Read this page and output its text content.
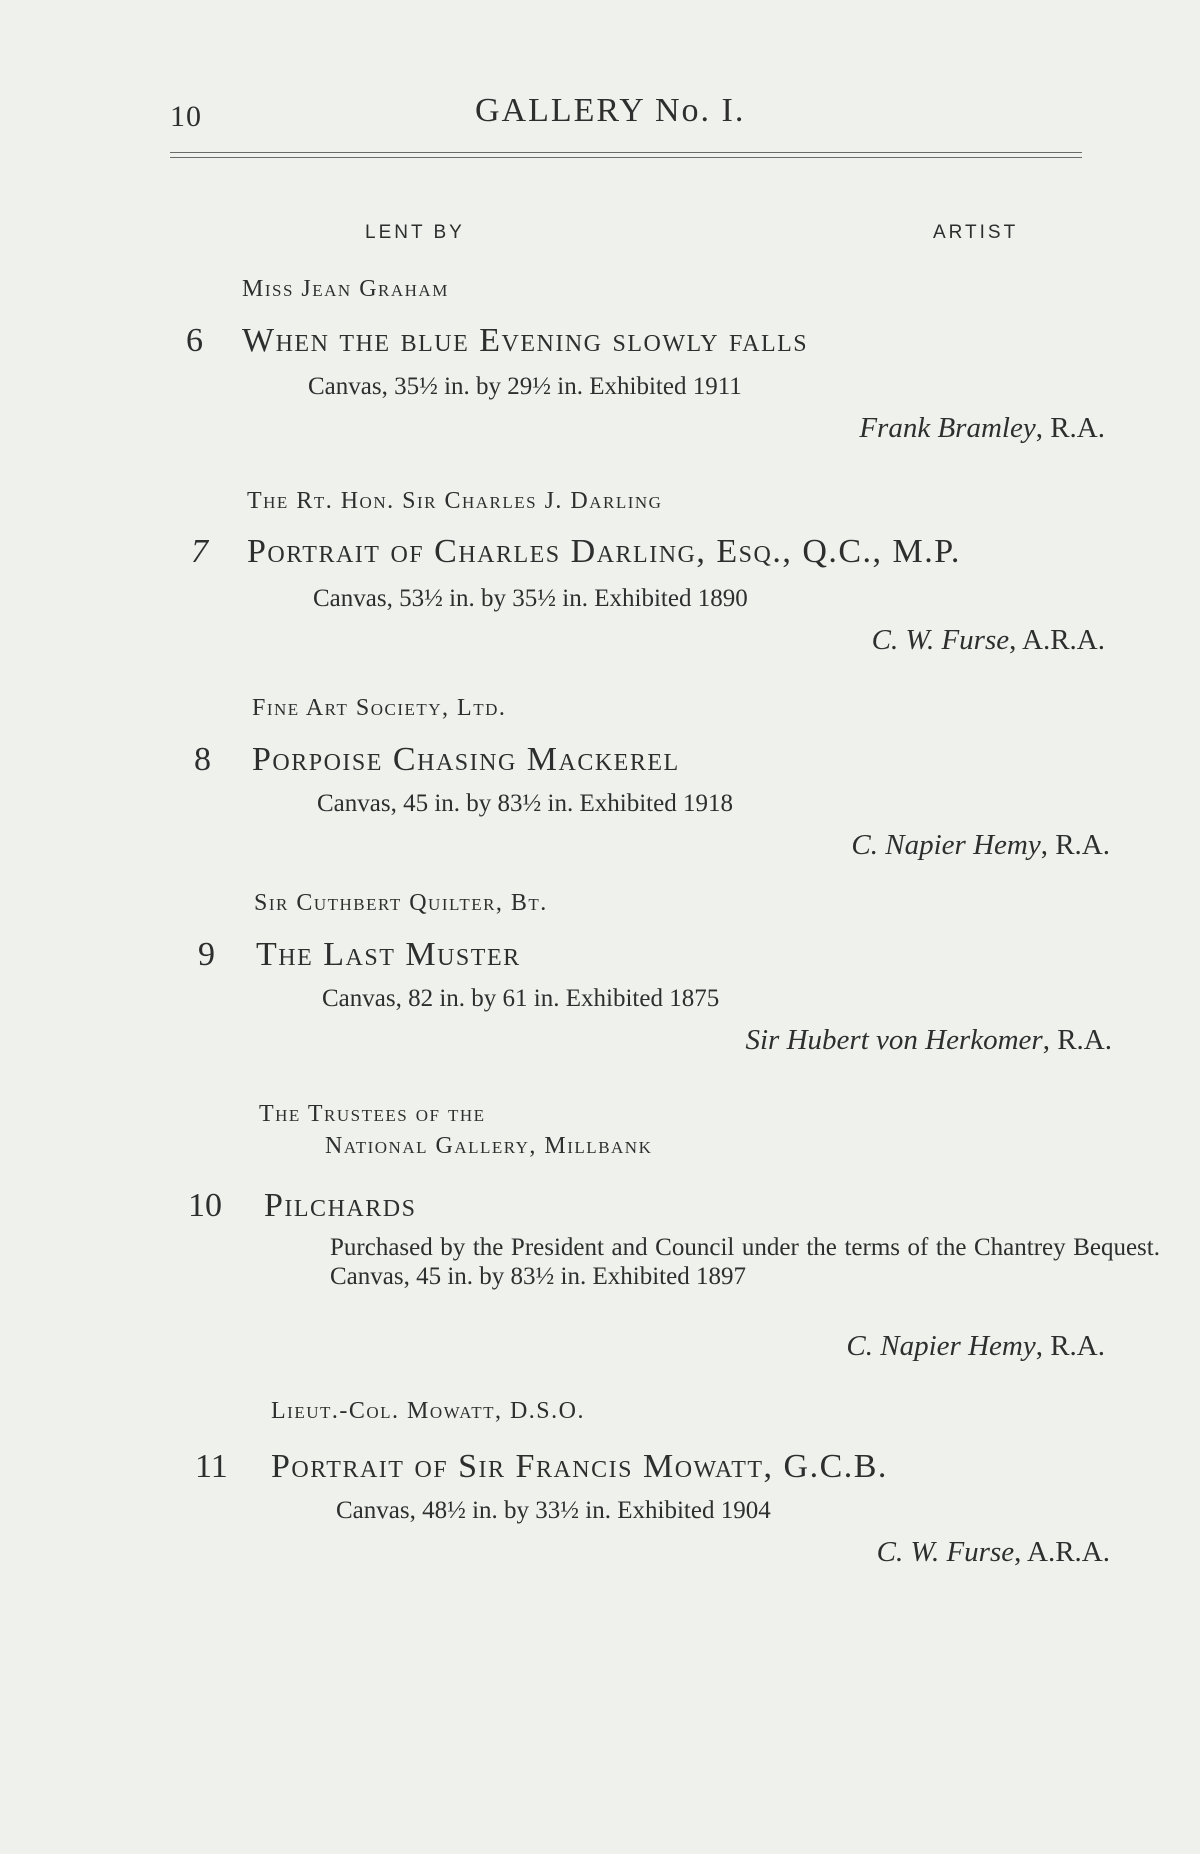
10	GALLERY No. I.
LENT BY	ARTIST
Miss Jean Graham
6 When the blue Evening slowly falls
Canvas, 35½ in. by 29½ in. Exhibited 1911
Frank Bramley, R.A.
The Rt. Hon. Sir Charles J. Darling
7 Portrait of Charles Darling, Esq., Q.C., M.P.
Canvas, 53½ in. by 35½ in. Exhibited 1890
C. W. Furse, A.R.A.
Fine Art Society, Ltd.
8 Porpoise Chasing Mackerel
Canvas, 45 in. by 83½ in. Exhibited 1918
C. Napier Hemy, R.A.
Sir Cuthbert Quilter, Bt.
9 The Last Muster
Canvas, 82 in. by 61 in. Exhibited 1875
Sir Hubert von Herkomer, R.A.
The Trustees of the
National Gallery, Millbank
10 Pilchards
Purchased by the President and Council under the terms of the Chantrey Bequest. Canvas, 45 in. by 83½ in. Exhibited 1897
C. Napier Hemy, R.A.
Lieut.-Col. Mowatt, D.S.O.
11 Portrait of Sir Francis Mowatt, G.C.B.
Canvas, 48½ in. by 33½ in. Exhibited 1904
C. W. Furse, A.R.A.
